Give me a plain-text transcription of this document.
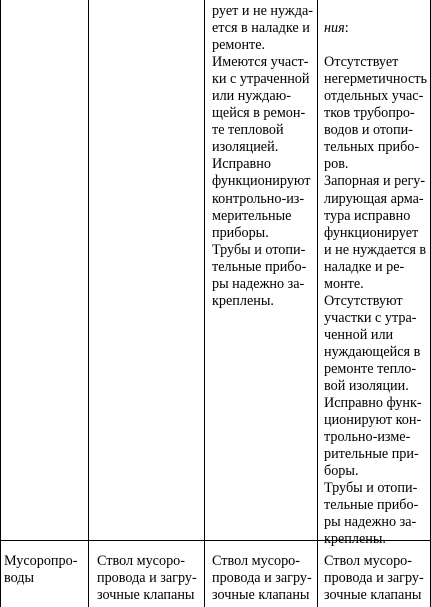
рует и не нужда-
ется в наладке и
ремонте.
Имеются участ-
ки с утраченной
или нуждаю-
щейся в ремон-
те тепловой
изоляцией.
Исправно
функционируют
контрольно-из-
мерительные
приборы.
Трубы и отопи-
тельные прибо-
ры надежно за-
креплены.

ния:

Отсутствует
негерметичность
отдельных учас-
тков трубопро-
водов и отопи-
тельных прибо-
ров.
Запорная и регу-
лирующая арма-
тура исправно
функционирует
и не нуждается в
наладке и ре-
монте.
Отсутствуют
участки с утра-
ченной или
нуждающейся в
ремонте тепло-
вой изоляции.
Исправно функ-
ционируют кон-
трольно-изме-
рительные при-
боры.
Трубы и отопи-
тельные прибо-
ры надежно за-
креплены.

Мусоропро-
воды
Ствол мусоро-
провода и загру-
зочные клапаны
Ствол мусоро-
провода и загру-
зочные клапаны
Ствол мусоро-
провода и загру-
зочные клапаны
